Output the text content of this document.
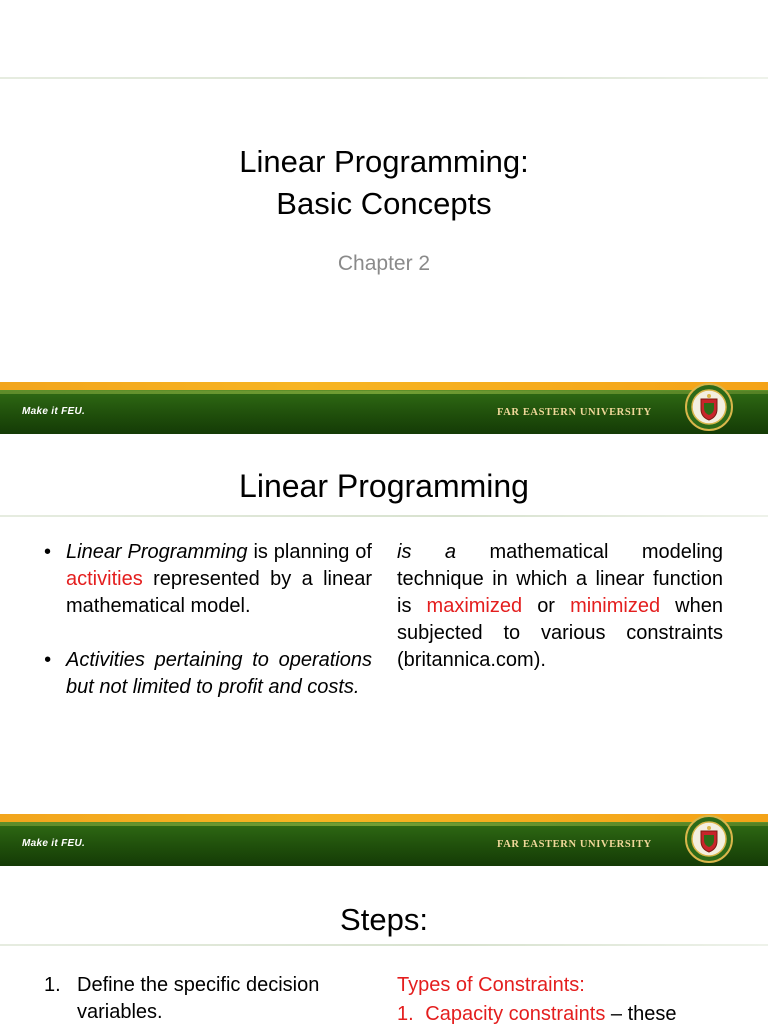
Linear Programming:
Basic Concepts
Chapter 2
Make it FEU.	FAR EASTERN UNIVERSITY
Linear Programming
• Linear Programming is planning of activities represented by a linear mathematical model.
• Activities pertaining to operations but not limited to profit and costs.
is a mathematical modeling technique in which a linear function is maximized or minimized when subjected to various constraints (britannica.com).
Make it FEU.	FAR EASTERN UNIVERSITY
Steps:
1. Define the specific decision variables.
Types of Constraints:
1. Capacity constraints – these
